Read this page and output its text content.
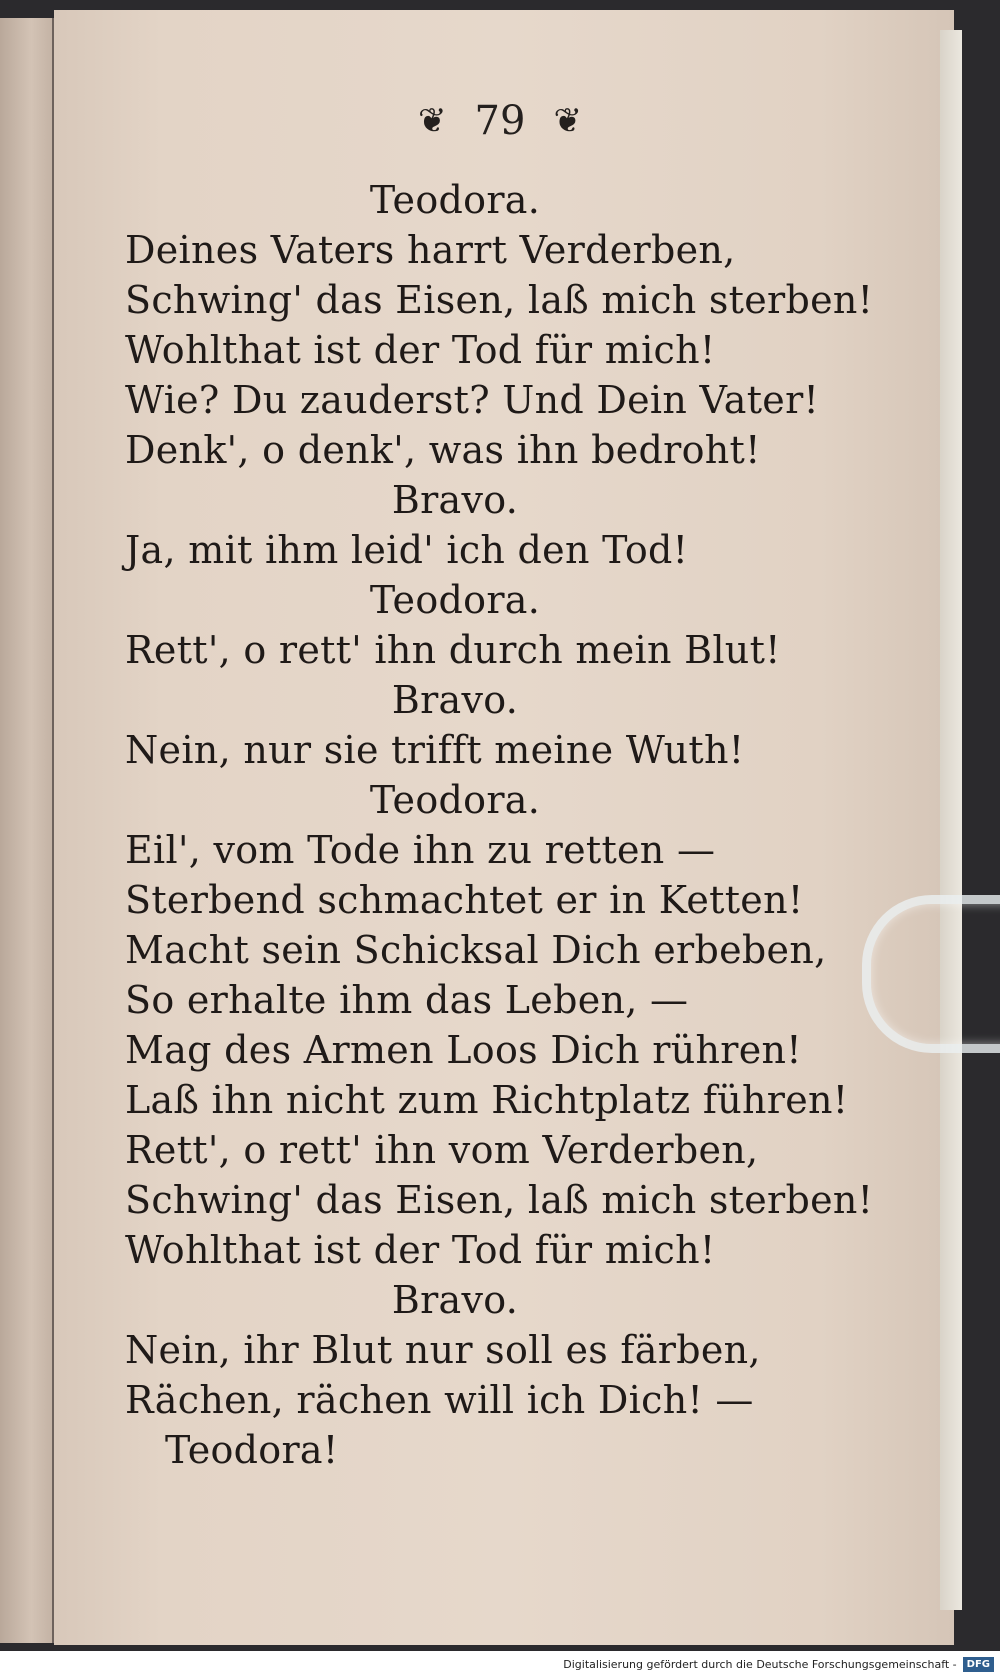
❦ 79 ❦
Teodora.
Deines Vaters harrt Verderben,
Schwing' das Eisen, laß mich sterben!
Wohlthat ist der Tod für mich!
Wie? Du zauderst? Und Dein Vater!
Denk', o denk', was ihn bedroht!
Bravo.
Ja, mit ihm leid' ich den Tod!
Teodora.
Rett', o rett' ihn durch mein Blut!
Bravo.
Nein, nur sie trifft meine Wuth!
Teodora.
Eil', vom Tode ihn zu retten —
Sterbend schmachtet er in Ketten!
Macht sein Schicksal Dich erbeben,
So erhalte ihm das Leben, —
Mag des Armen Loos Dich rühren!
Laß ihn nicht zum Richtplatz führen!
Rett', o rett' ihn vom Verderben,
Schwing' das Eisen, laß mich sterben!
Wohlthat ist der Tod für mich!
Bravo.
Nein, ihr Blut nur soll es färben,
Rächen, rächen will ich Dich! —
Teodora!
Digitalisierung gefördert durch die Deutsche Forschungsgemeinschaft -	DFG
